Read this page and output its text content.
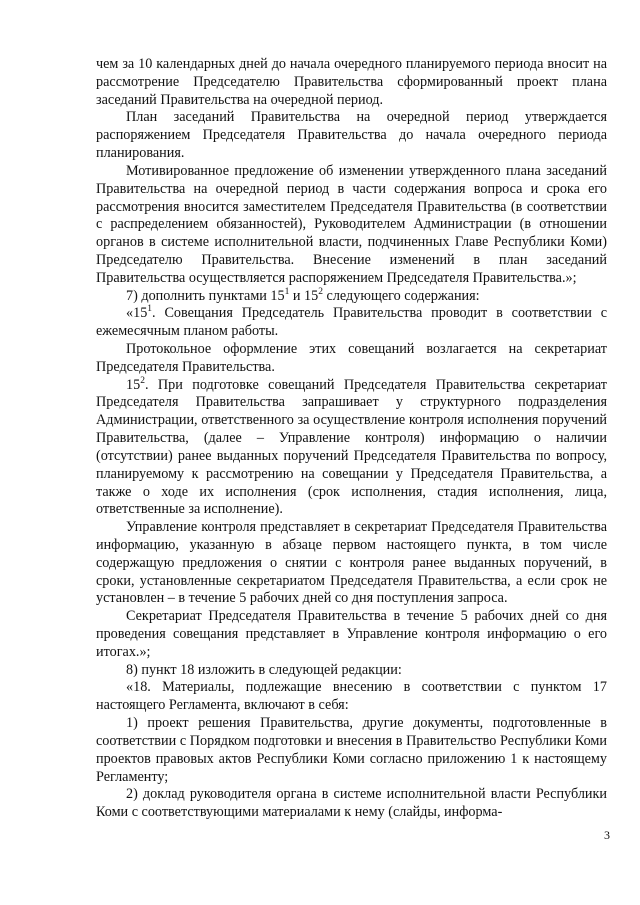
чем за 10 календарных дней до начала очередного планируемого периода вносит на рассмотрение Председателю Правительства сформированный проект плана заседаний Правительства на очередной период.

План заседаний Правительства на очередной период утверждается распоряжением Председателя Правительства до начала очередного периода планирования.

Мотивированное предложение об изменении утвержденного плана заседаний Правительства на очередной период в части содержания вопроса и срока его рассмотрения вносится заместителем Председателя Правительства (в соответствии с распределением обязанностей), Руководителем Администрации (в отношении органов в системе исполнительной власти, подчиненных Главе Республики Коми) Председателю Правительства. Внесение изменений в план заседаний Правительства осуществляется распоряжением Председателя Правительства.»;

7) дополнить пунктами $15^1$ и $15^2$ следующего содержания:

«$15^1$. Совещания Председатель Правительства проводит в соответствии с ежемесячным планом работы.

Протокольное оформление этих совещаний возлагается на секретариат Председателя Правительства.

$15^2$. При подготовке совещаний Председателя Правительства секретариат Председателя Правительства запрашивает у структурного подразделения Администрации, ответственного за осуществление контроля исполнения поручений Правительства, (далее – Управление контроля) информацию о наличии (отсутствии) ранее выданных поручений Председателя Правительства по вопросу, планируемому к рассмотрению на совещании у Председателя Правительства, а также о ходе их исполнения (срок исполнения, стадия исполнения, лица, ответственные за исполнение).

Управление контроля представляет в секретариат Председателя Правительства информацию, указанную в абзаце первом настоящего пункта, в том числе содержащую предложения о снятии с контроля ранее выданных поручений, в сроки, установленные секретариатом Председателя Правительства, а если срок не установлен – в течение 5 рабочих дней со дня поступления запроса.

Секретариат Председателя Правительства в течение 5 рабочих дней со дня проведения совещания представляет в Управление контроля информацию о его итогах.»;

8) пункт 18 изложить в следующей редакции:

«18. Материалы, подлежащие внесению в соответствии с пунктом 17 настоящего Регламента, включают в себя:

1) проект решения Правительства, другие документы, подготовленные в соответствии с Порядком подготовки и внесения в Правительство Республики Коми проектов правовых актов Республики Коми согласно приложению 1 к настоящему Регламенту;

2) доклад руководителя органа в системе исполнительной власти Республики Коми с соответствующими материалами к нему (слайды, информа-

3
